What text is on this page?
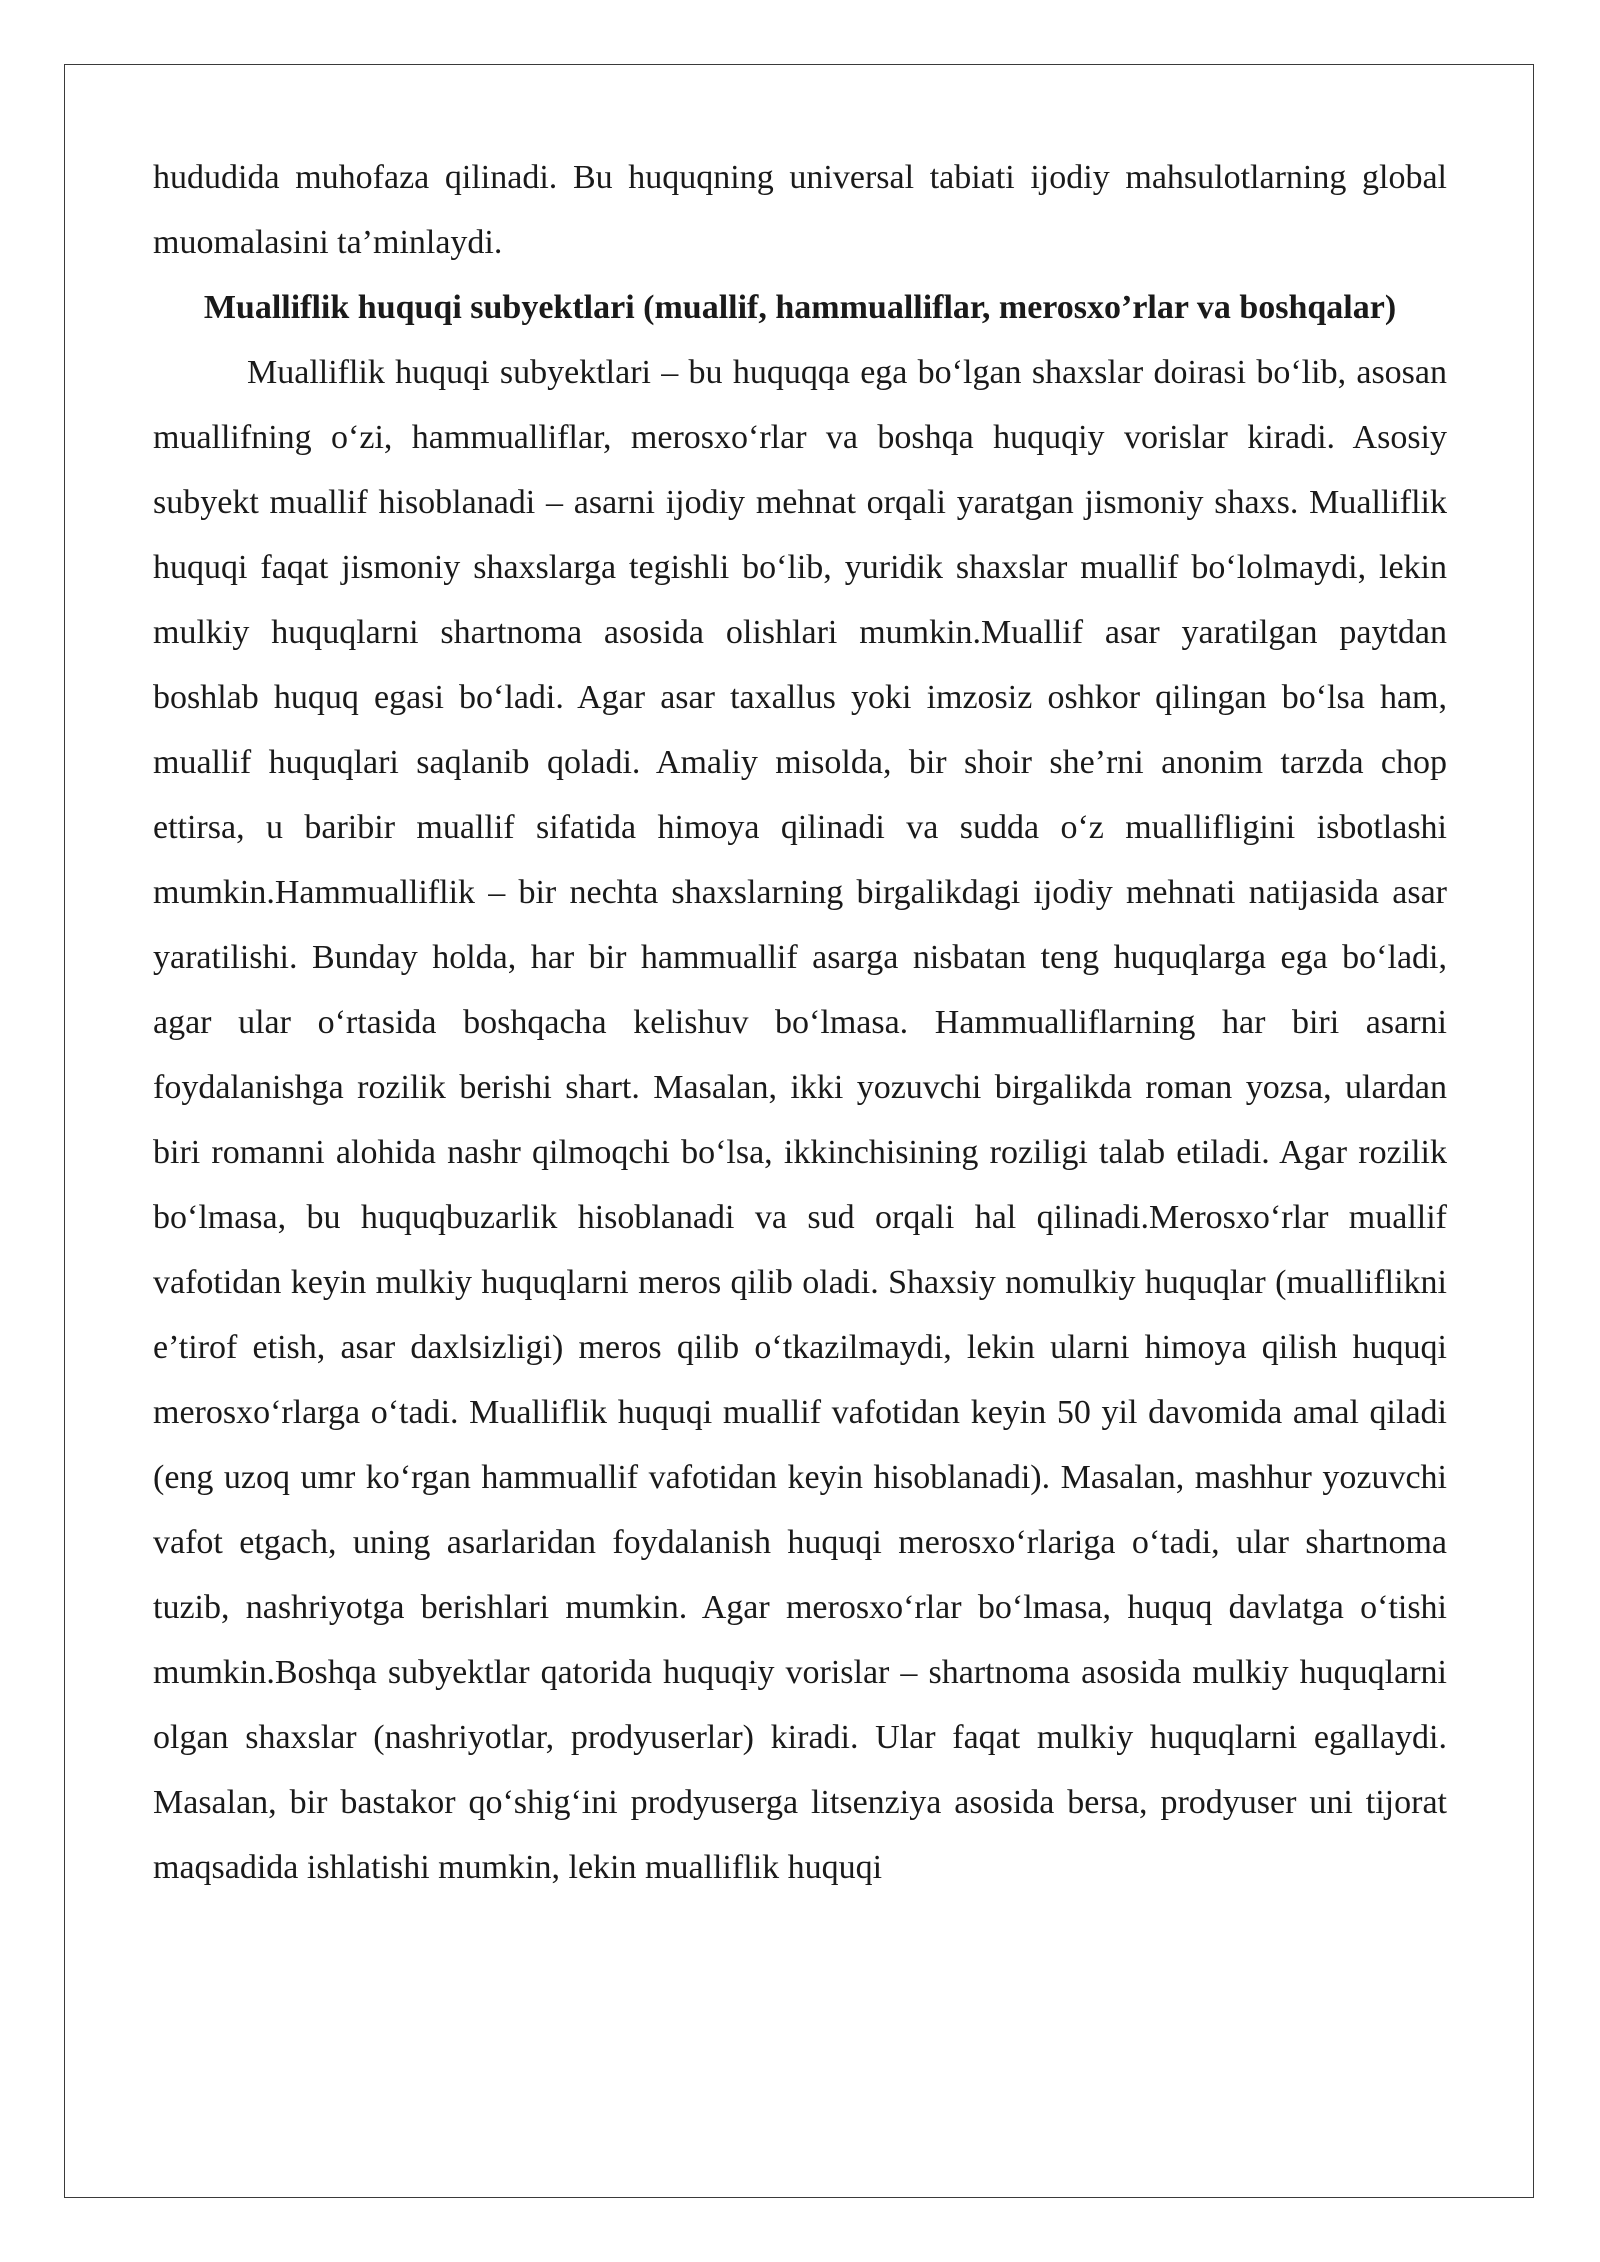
hududida muhofaza qilinadi. Bu huquqning universal tabiati ijodiy mahsulotlarning global muomalasini ta’minlaydi.

Mualliflik huquqi subyektlari (muallif, hammualliflar, merosxo’rlar va boshqalar)

Mualliflik huquqi subyektlari – bu huquqqa ega bo‘lgan shaxslar doirasi bo‘lib, asosan muallifning o‘zi, hammualliflar, merosxo‘rlar va boshqa huquqiy vorislar kiradi. Asosiy subyekt muallif hisoblanadi – asarni ijodiy mehnat orqali yaratgan jismoniy shaxs. Mualliflik huquqi faqat jismoniy shaxslarga tegishli bo‘lib, yuridik shaxslar muallif bo‘lolmaydi, lekin mulkiy huquqlarni shartnoma asosida olishlari mumkin.Muallif asar yaratilgan paytdan boshlab huquq egasi bo‘ladi. Agar asar taxallus yoki imzosiz oshkor qilingan bo‘lsa ham, muallif huquqlari saqlanib qoladi. Amaliy misolda, bir shoir she’rni anonim tarzda chop ettirsa, u baribir muallif sifatida himoya qilinadi va sudda o‘z muallifligini isbotlashi mumkin.Hammualliflik – bir nechta shaxslarning birgalikdagi ijodiy mehnati natijasida asar yaratilishi. Bunday holda, har bir hammuallif asarga nisbatan teng huquqlarga ega bo‘ladi, agar ular o‘rtasida boshqacha kelishuv bo‘lmasa. Hammualliflarning har biri asarni foydalanishga rozilik berishi shart. Masalan, ikki yozuvchi birgalikda roman yozsa, ulardan biri romanni alohida nashr qilmoqchi bo‘lsa, ikkinchisining roziligi talab etiladi. Agar rozilik bo‘lmasa, bu huquqbuzarlik hisoblanadi va sud orqali hal qilinadi.Merosxo‘rlar muallif vafotidan keyin mulkiy huquqlarni meros qilib oladi. Shaxsiy nomulkiy huquqlar (mualliflikni e’tirof etish, asar daxlsizligi) meros qilib o‘tkazilmaydi, lekin ularni himoya qilish huquqi merosxo‘rlarga o‘tadi. Mualliflik huquqi muallif vafotidan keyin 50 yil davomida amal qiladi (eng uzoq umr ko‘rgan hammuallif vafotidan keyin hisoblanadi). Masalan, mashhur yozuvchi vafot etgach, uning asarlaridan foydalanish huquqi merosxo‘rlariga o‘tadi, ular shartnoma tuzib, nashriyotga berishlari mumkin. Agar merosxo‘rlar bo‘lmasa, huquq davlatga o‘tishi mumkin.Boshqa subyektlar qatorida huquqiy vorislar – shartnoma asosida mulkiy huquqlarni olgan shaxslar (nashriyotlar, prodyuserlar) kiradi. Ular faqat mulkiy huquqlarni egallaydi. Masalan, bir bastakor qo‘shig‘ini prodyuserga litsenziya asosida bersa, prodyuser uni tijorat maqsadida ishlatishi mumkin, lekin mualliflik huquqi
